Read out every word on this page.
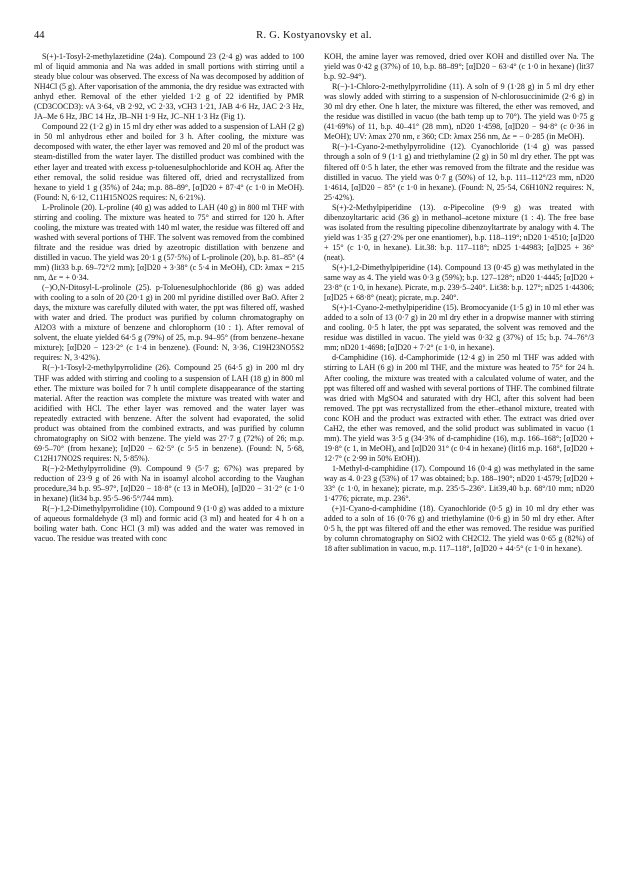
44	R. G. Kostyanovsky et al.

S(+)-1-Tosyl-2-methylazetidine (24a). Compound 23 (2·4 g) was added to 100 ml of liquid ammonia and Na was added in small portions with stirring until a steady blue colour was observed. The excess of Na was decomposed by addition of NH4Cl (5 g). After vaporisation of the ammonia, the dry residue was extracted with anhyd ether. Removal of the ether yielded 1·2 g of 22 identified by PMR (CD3COCD3): νA 3·64, νB 2·92, νC 2·33, νCH3 1·21, JAB 4·6 Hz, JAC 2·3 Hz, JA–Me 6 Hz, JBC 14 Hz, JB–NH 1·9 Hz, JC–NH 1·3 Hz (Fig 1).

Compound 22 (1·2 g) in 15 ml dry ether was added to a suspension of LAH (2 g) in 50 ml anhydrous ether and boiled for 3 h. After cooling, the mixture was decomposed with water, the ether layer was removed and 20 ml of the product was steam-distilled from the water layer. The distilled product was combined with the ether layer and treated with excess p-toluenesulphochloride and KOH aq. After the ether removal, the solid residue was filtered off, dried and recrystallized from hexane to yield 1 g (35%) of 24a; m.p. 88–89°, [α]D20 + 87·4° (c 1·0 in MeOH). (Found: N, 6·12, C11H15NO2S requires: N, 6·21%).

L-Prolinole (20). L-proline (40 g) was added to LAH (40 g) in 800 ml THF with stirring and cooling. The mixture was heated to 75° and stirred for 120 h. After cooling, the mixture was treated with 140 ml water, the residue was filtered off and washed with several portions of THF. The solvent was removed from the combined filtrate and the residue was dried by azeotropic distillation with benzene and distilled in vacuo. The yield was 20·1 g (57·5%) of L-prolinole (20), b.p. 81–85° (4 mm) (lit33 b.p. 69–72°/2 mm); [α]D20 + 3·38° (c 5·4 in MeOH), CD: λmax = 215 nm, Δε = + 0·34.

(−)O,N-Ditosyl-L-prolinole (25). p-Toluenesulphochloride (86 g) was added with cooling to a soln of 20 (20·1 g) in 200 ml pyridine distilled over BaO. After 2 days, the mixture was carefully diluted with water, the ppt was filtered off, washed with water and dried. The product was purified by column chromatography on Al2O3 with a mixture of benzene and chlorophorm (10 : 1). After removal of solvent, the eluate yielded 64·5 g (79%) of 25, m.p. 94–95° (from benzene–hexane mixture); [α]D20 − 123·2° (c 1·4 in benzene). (Found: N, 3·36, C19H23NO5S2 requires: N, 3·42%).

R(−)-1-Tosyl-2-methylpyrrolidine (26). Compound 25 (64·5 g) in 200 ml dry THF was added with stirring and cooling to a suspension of LAH (18 g) in 800 ml ether. The mixture was boiled for 7 h until complete disappearance of the starting material. After the reaction was complete the mixture was treated with water and acidified with HCl. The ether layer was removed and the water layer was repeatedly extracted with benzene. After the solvent had evaporated, the solid product was obtained from the combined extracts, and was purified by column chromatography on SiO2 with benzene. The yield was 27·7 g (72%) of 26; m.p. 69·5–70° (from hexane); [α]D20 − 62·5° (c 5·5 in benzene). (Found: N, 5·68, C12H17NO2S requires: N, 5·85%).

R(−)-2-Methylpyrrolidine (9). Compound 9 (5·7 g; 67%) was prepared by reduction of 23·9 g of 26 with Na in isoamyl alcohol according to the Vaughan procedure,34 b.p. 95–97°, [α]D20 − 18·8° (c 13 in MeOH), [α]D20 − 31·2° (c 1·0 in hexane) (lit34 b.p. 95·5–96·5°/744 mm).

R(−)-1,2-Dimethylpyrrolidine (10). Compound 9 (1·0 g) was added to a mixture of aqueous formaldehyde (3 ml) and formic acid (3 ml) and heated for 4 h on a boiling water bath. Conc HCl (3 ml) was added and the water was removed in vacuo. The residue was treated with conc

KOH, the amine layer was removed, dried over KOH and distilled over Na. The yield was 0·42 g (37%) of 10, b.p. 88–89°; [α]D20 − 63·4° (c 1·0 in hexane) (lit37 b.p. 92–94°).

R(−)-1-Chloro-2-methylpyrrolidine (11). A soln of 9 (1·28 g) in 5 ml dry ether was slowly added with stirring to a suspension of N-chlorosuccinimide (2·6 g) in 30 ml dry ether. One h later, the mixture was filtered, the ether was removed, and the residue was distilled in vacuo (the bath temp up to 70°). The yield was 0·75 g (41·69%) of 11, b.p. 40–41° (28 mm), nD20 1·4598, [α]D20 − 94·8° (c 0·36 in MeOH); UV: λmax 270 nm, ε 360; CD: λmax 256 nm, Δε = − 0·285 (in MeOH).

R(−)-1-Cyano-2-methylpyrrolidine (12). Cyanochloride (1·4 g) was passed through a soln of 9 (1·1 g) and triethylamine (2 g) in 50 ml dry ether. The ppt was filtered off 0·5 h later, the ether was removed from the filtrate and the residue was distilled in vacuo. The yield was 0·7 g (50%) of 12, b.p. 111–112°/23 mm, nD20 1·4614, [α]D20 − 85° (c 1·0 in hexane). (Found: N, 25·54, C6H10N2 requires: N, 25·42%).

S(+)-2-Methylpiperidine (13). α-Pipecoline (9·9 g) was treated with dibenzoyltartaric acid (36 g) in methanol–acetone mixture (1 : 4). The free base was isolated from the resulting pipecoline dibenzoyltartrate by analogy with 4. The yield was 1·35 g (27·2% per one enantiomer), b.p. 118–119°; nD20 1·4510; [α]D20 + 15° (c 1·0, in hexane). Lit.38: b.p. 117–118°; nD25 1·44983; [α]D25 + 36° (neat).

S(+)-1,2-Dimethylpiperidine (14). Compound 13 (0·45 g) was methylated in the same way as 4. The yield was 0·3 g (59%); b.p. 127–128°; nD20 1·4445; [α]D20 + 23·8° (c 1·0, in hexane). Picrate, m.p. 239·5–240°. Lit38: b.p. 127°; nD25 1·44306; [α]D25 + 68·8° (neat); picrate, m.p. 240°.

S(+)-1-Cyano-2-methylpiperidine (15). Bromocyanide (1·5 g) in 10 ml ether was added to a soln of 13 (0·7 g) in 20 ml dry ether in a dropwise manner with stirring and cooling. 0·5 h later, the ppt was separated, the solvent was removed and the residue was distilled in vacuo. The yield was 0·32 g (37%) of 15; b.p. 74–76°/3 mm; nD20 1·4698; [α]D20 + 7·2° (c 1·0, in hexane).

d-Camphidine (16). d-Camphorimide (12·4 g) in 250 ml THF was added with stirring to LAH (6 g) in 200 ml THF, and the mixture was heated to 75° for 24 h. After cooling, the mixture was treated with a calculated volume of water, and the ppt was filtered off and washed with several portions of THF. The combined filtrate was dried with MgSO4 and saturated with dry HCl, after this solvent had been removed. The ppt was recrystallized from the ether–ethanol mixture, treated with conc KOH and the product was extracted with ether. The extract was dried over CaH2, the ether was removed, and the solid product was sublimated in vacuo (1 mm). The yield was 3·5 g (34·3% of d-camphidine (16), m.p. 166–168°; [α]D20 + 19·8° (c 1, in MeOH), and [α]D20 31° (c 0·4 in hexane) (lit16 m.p. 168°, [α]D20 + 12·7° (c 2·99 in 50% EtOH)).

1-Methyl-d-camphidine (17). Compound 16 (0·4 g) was methylated in the same way as 4. 0·23 g (53%) of 17 was obtained; b.p. 188–190°; nD20 1·4579; [α]D20 + 33° (c 1·0, in hexane); picrate, m.p. 235·5–236°. Lit39,40 b.p. 68°/10 mm; nD20 1·4776; picrate, m.p. 236°.

(+)1-Cyano-d-camphidine (18). Cyanochloride (0·5 g) in 10 ml dry ether was added to a soln of 16 (0·76 g) and triethylamine (0·6 g) in 50 ml dry ether. After 0·5 h, the ppt was filtered off and the ether was removed. The residue was purified by column chromatography on SiO2 with CH2Cl2. The yield was 0·65 g (82%) of 18 after sublimation in vacuo, m.p. 117–118°, [α]D20 + 44·5° (c 1·0 in hexane).
